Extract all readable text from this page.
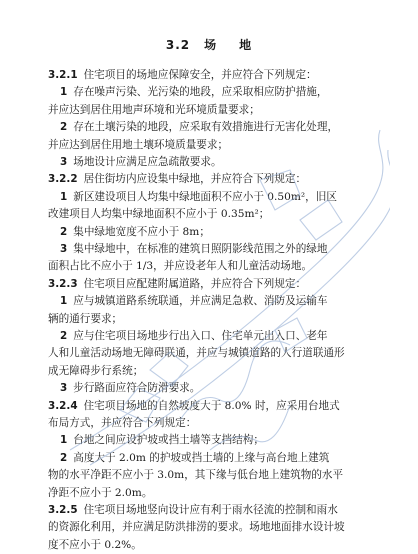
3.2 场 地
3.2.1 住宅项目的场地应保障安全，并应符合下列规定：
1 存在噪声污染、光污染的地段，应采取相应防护措施，
并应达到居住用地声环境和光环境质量要求；
2 存在土壤污染的地段，应采取有效措施进行无害化处理，
并应达到居住用地土壤环境质量要求；
3 场地设计应满足应急疏散要求。
3.2.2 居住街坊内应设集中绿地，并应符合下列规定：
1 新区建设项目人均集中绿地面积不应小于 0.50m²，旧区
改建项目人均集中绿地面积不应小于 0.35m²；
2 集中绿地宽度不应小于 8m；
3 集中绿地中，在标准的建筑日照阴影线范围之外的绿地
面积占比不应小于 1/3，并应设老年人和儿童活动场地。
3.2.3 住宅项目应配建附属道路，并应符合下列规定：
1 应与城镇道路系统联通，并应满足急救、消防及运输车
辆的通行要求；
2 应与住宅项目场地步行出入口、住宅单元出入口、老年
人和儿童活动场地无障碍联通，并应与城镇道路的人行道联通形
成无障碍步行系统；
3 步行路面应符合防滑要求。
3.2.4 住宅项目场地的自然坡度大于 8.0% 时，应采用台地式
布局方式，并应符合下列规定：
1 台地之间应设护坡或挡土墙等支挡结构；
2 高度大于 2.0m 的护坡或挡土墙的上缘与高台地上建筑
物的水平净距不应小于 3.0m，其下缘与低台地上建筑物的水平
净距不应小于 2.0m。
3.2.5 住宅项目场地竖向设计应有利于雨水径流的控制和雨水
的资源化利用，并应满足防洪排涝的要求。场地地面排水设计坡
度不应小于 0.2%。
